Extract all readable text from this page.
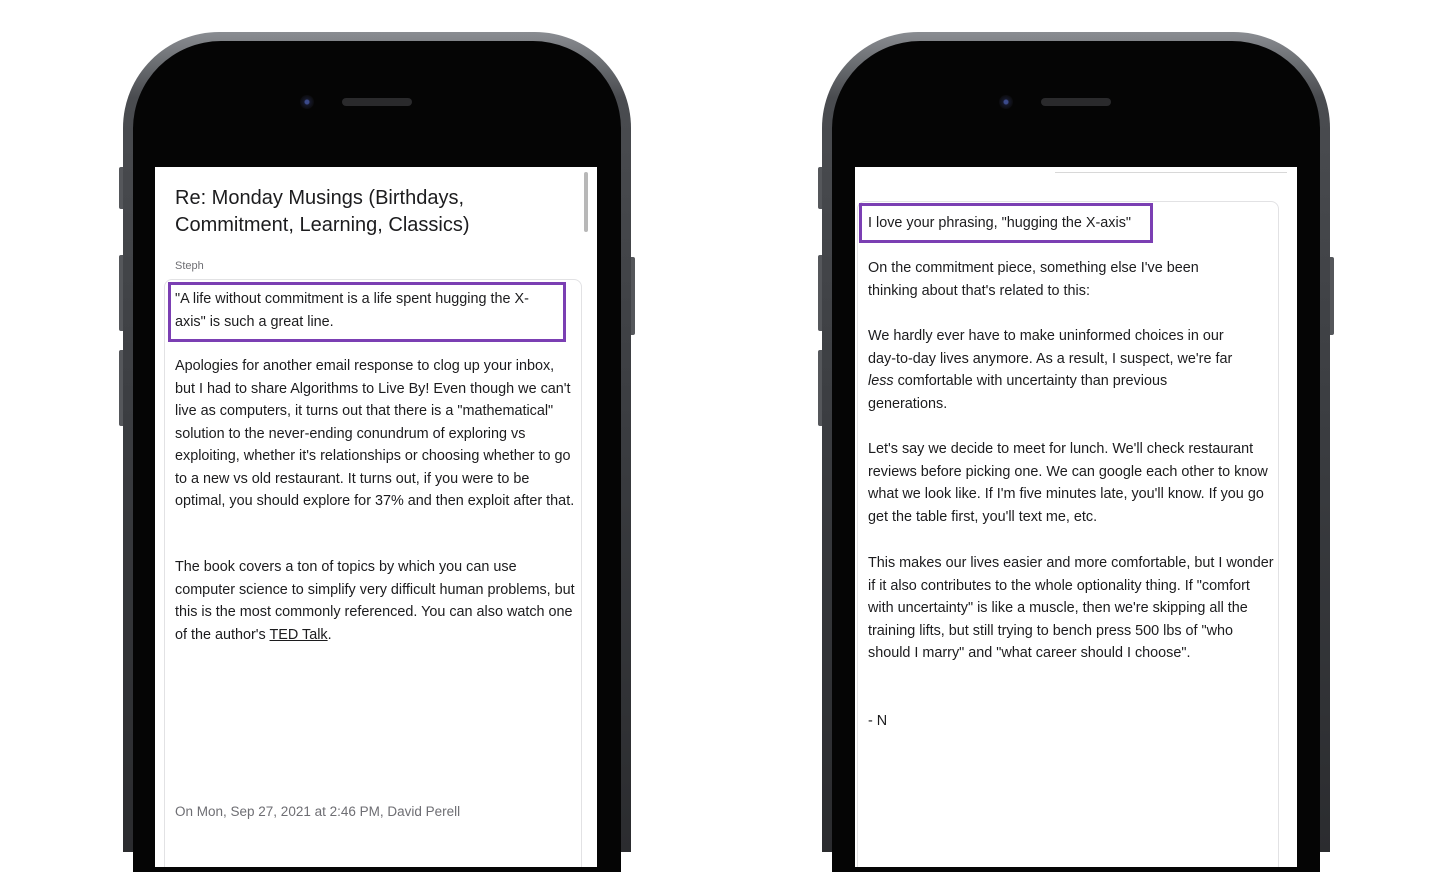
Re: Monday Musings (Birthdays, Commitment, Learning, Classics)
Steph

"A life without commitment is a life spent hugging the X-axis" is such a great line.

Apologies for another email response to clog up your inbox, but I had to share Algorithms to Live By! Even though we can't live as computers, it turns out that there is a "mathematical" solution to the never-ending conundrum of exploring vs exploiting, whether it's relationships or choosing whether to go to a new vs old restaurant. It turns out, if you were to be optimal, you should explore for 37% and then exploit after that.

The book covers a ton of topics by which you can use computer science to simplify very difficult human problems, but this is the most commonly referenced. You can also watch one of the author's TED Talk.

On Mon, Sep 27, 2021 at 2:46 PM, David Perell

I love your phrasing, "hugging the X-axis"

On the commitment piece, something else I've been thinking about that's related to this:

We hardly ever have to make uninformed choices in our day-to-day lives anymore. As a result, I suspect, we're far less comfortable with uncertainty than previous generations.

Let's say we decide to meet for lunch. We'll check restaurant reviews before picking one. We can google each other to know what we look like. If I'm five minutes late, you'll know. If you go get the table first, you'll text me, etc.

This makes our lives easier and more comfortable, but I wonder if it also contributes to the whole optionality thing. If "comfort with uncertainty" is like a muscle, then we're skipping all the training lifts, but still trying to bench press 500 lbs of "who should I marry" and "what career should I choose".

- N
